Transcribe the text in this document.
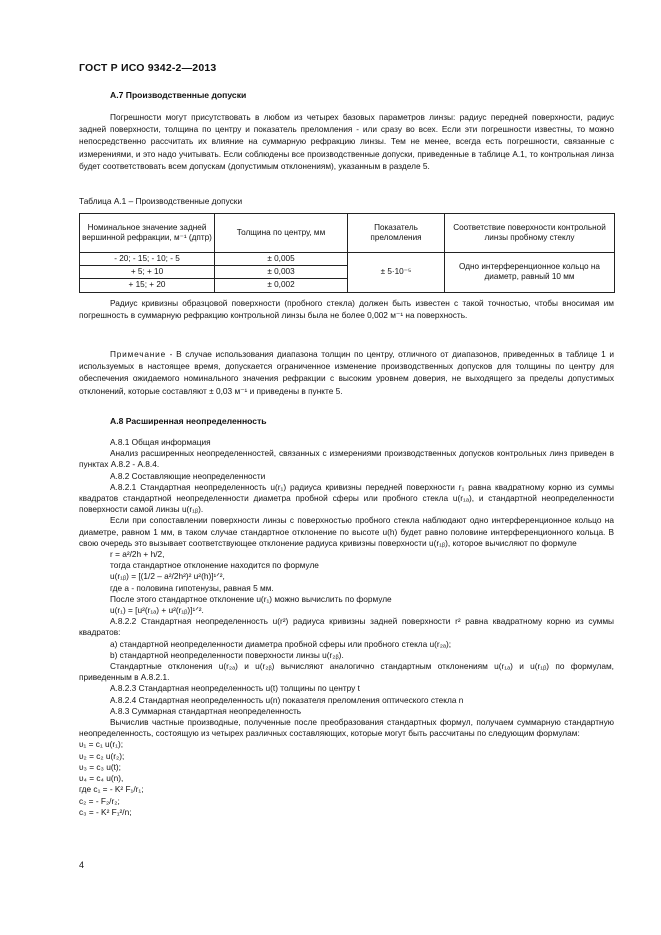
ГОСТ Р ИСО 9342-2—2013
А.7 Производственные допуски

Погрешности могут присутствовать в любом из четырех базовых параметров линзы: радиус передней поверхности, радиус задней поверхности, толщина по центру и показатель преломления - или сразу во всех. Если эти погрешности известны, то можно непосредственно рассчитать их влияние на суммарную рефракцию линзы. Тем не менее, всегда есть погрешности, связанные с измерениями, и это надо учитывать. Если соблюдены все производственные допуски, приведенные в таблице А.1, то контрольная линза будет соответствовать всем допускам (допустимым отклонениям), указанным в разделе 5.

Таблица А.1 – Производственные допуски
Номинальное значение задней вершинной рефракции, м⁻¹ (дптр)	Толщина по центру, мм	Показатель преломления	Соответствие поверхности контрольной линзы пробному стеклу
- 20; - 15; - 10; - 5	± 0,005	± 5·10⁻⁵	Одно интерференционное кольцо на диаметр, равный 10 мм
+ 5; + 10	± 0,003		
+ 15; + 20	± 0,002		

Радиус кривизны образцовой поверхности (пробного стекла) должен быть известен с такой точностью, чтобы вносимая им погрешность в суммарную рефракцию контрольной линзы была не более 0,002 м⁻¹ на поверхность.

Примечание - В случае использования диапазона толщин по центру, отличного от диапазонов, приведенных в таблице 1 и используемых в настоящее время, допускается ограниченное изменение производственных допусков для толщины по центру для обеспечения ожидаемого номинального значения рефракции с высоким уровнем доверия, не выходящего за пределы допустимых отклонений, которые составляют ± 0,03 м⁻¹ и приведены в пункте 5.

А.8 Расширенная неопределенность

А.8.1 Общая информация

Анализ расширенных неопределенностей, связанных с измерениями производственных допусков контрольных линз приведен в пунктах А.8.2 - А.8.4.

А.8.2 Составляющие неопределенности

А.8.2.1 Стандартная неопределенность u(r₁) радиуса кривизны передней поверхности r₁ равна квадратному корню из суммы квадратов стандартной неопределенности диаметра пробной сферы или пробного стекла u(r₁ₐ), и стандартной неопределенности поверхности самой линзы u(r₁ᵦ).

Если при сопоставлении поверхности линзы с поверхностью пробного стекла наблюдают одно интерференционное кольцо на диаметре, равном 1 мм, в таком случае стандартное отклонение по высоте u(h) будет равно половине интерференционного кольца. В свою очередь это вызывает соответствующее отклонение радиуса кривизны поверхности u(r₁ᵦ), которое вычисляют по формуле

r = a²/2h + h/2,

тогда стандартное отклонение находится по формуле

u(r₁ᵦ) = [(1/2 – a²/2h²)² u²(h)]¹ᐟ²,

где a - половина гипотенузы, равная 5 мм.

После этого стандартное отклонение u(r₁) можно вычислить по формуле

u(r₁) = [u²(r₁ₐ) + u²(r₁ᵦ)]¹ᐟ².

А.8.2.2 Стандартная неопределенность u(r²) радиуса кривизны задней поверхности r² равна квадратному корню из суммы квадратов:

a) стандартной неопределенности диаметра пробной сферы или пробного стекла u(r₂ₐ);

b) стандартной неопределенности поверхности линзы u(r₂ᵦ).

Стандартные отклонения u(r₂ₐ) и u(r₂ᵦ) вычисляют аналогично стандартным отклонениям u(r₁ₐ) и u(r₁ᵦ) по формулам, приведенным в А.8.2.1.

А.8.2.3 Стандартная неопределенность u(t) толщины по центру t

А.8.2.4 Стандартная неопределенность u(n) показателя преломления оптического стекла n

А.8.3 Суммарная стандартная неопределенность

Вычислив частные производные, полученные после преобразования стандартных формул, получаем суммарную стандартную неопределенность, состоящую из четырех различных составляющих, которые могут быть рассчитаны по следующим формулам:

υ₁ = c₁ u(r₁);

υ₂ = c₂ u(r₂);

υ₃ = c₃ u(t);

υ₄ = c₄ u(n),

где c₁ = - K² F₁/r₁;

c₂ = - F₂/r₂;

c₃ = - K² F₁²/n;

4
